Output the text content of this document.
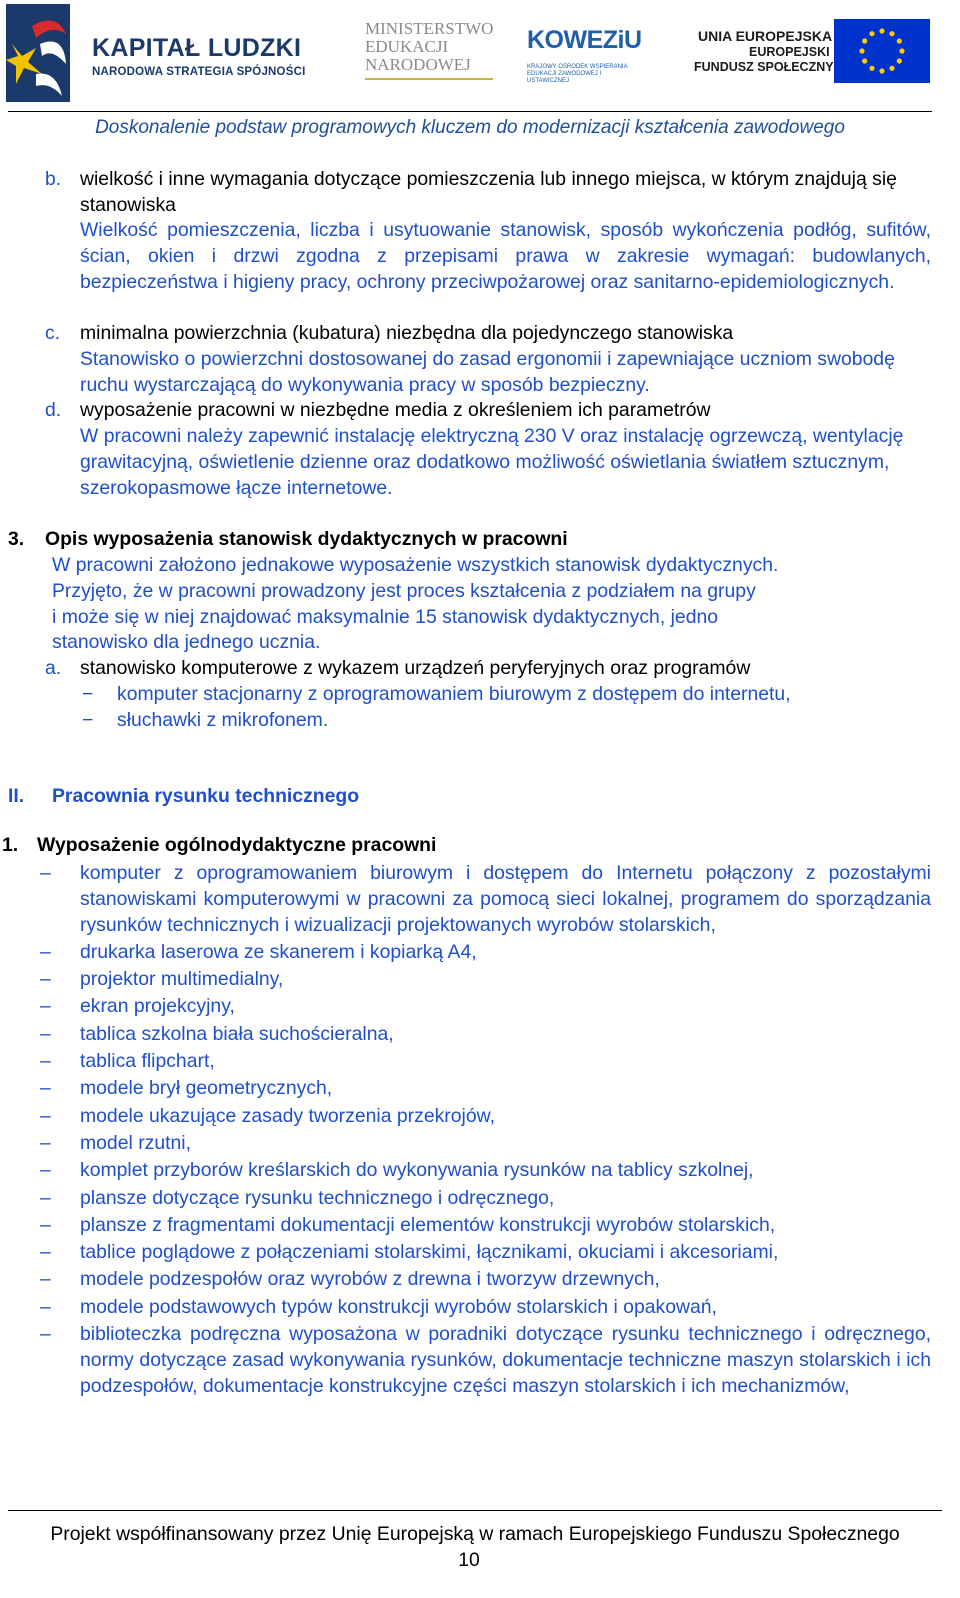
KAPITAŁ LUDZKI
NARODOWA STRATEGIA SPÓJNOŚCI
MINISTERSTWO
EDUKACJI
NARODOWEJ
KOWEZiU
KRAJOWY OŚRODEK WSPIERANIA EDUKACJI ZAWODOWEJ I USTAWICZNEJ
UNIA EUROPEJSKA
EUROPEJSKI
FUNDUSZ SPOŁECZNY
Doskonalenie podstaw programowych kluczem do modernizacji kształcenia zawodowego
b. wielkość i inne wymagania dotyczące pomieszczenia lub innego miejsca, w którym znajdują się stanowiska
Wielkość pomieszczenia, liczba i usytuowanie stanowisk, sposób wykończenia podłóg, sufitów, ścian, okien i drzwi zgodna z przepisami prawa w zakresie wymagań: budowlanych, bezpieczeństwa i higieny pracy, ochrony przeciwpożarowej oraz sanitarno-epidemiologicznych.
c. minimalna powierzchnia (kubatura) niezbędna dla pojedynczego stanowiska
Stanowisko o powierzchni dostosowanej do zasad ergonomii i zapewniające uczniom swobodę ruchu wystarczającą do wykonywania pracy w sposób bezpieczny.
d. wyposażenie pracowni w niezbędne media z określeniem ich parametrów
W pracowni należy zapewnić instalację elektryczną 230 V oraz instalację ogrzewczą, wentylację grawitacyjną, oświetlenie dzienne oraz dodatkowo możliwość oświetlania światłem sztucznym, szerokopasmowe łącze internetowe.
3. Opis wyposażenia stanowisk dydaktycznych w pracowni
W pracowni założono jednakowe wyposażenie wszystkich stanowisk dydaktycznych.
Przyjęto, że w pracowni prowadzony jest proces kształcenia z podziałem na grupy
i może się w niej znajdować maksymalnie 15 stanowisk dydaktycznych, jedno
stanowisko dla jednego ucznia.
a. stanowisko komputerowe z wykazem urządzeń peryferyjnych oraz programów
− komputer stacjonarny z oprogramowaniem biurowym z dostępem do internetu,
− słuchawki z mikrofonem.
II. Pracownia rysunku technicznego
1. Wyposażenie ogólnodydaktyczne pracowni
– komputer z oprogramowaniem biurowym i dostępem do Internetu połączony z pozostałymi stanowiskami komputerowymi w pracowni za pomocą sieci lokalnej, programem do sporządzania rysunków technicznych i wizualizacji projektowanych wyrobów stolarskich,
– drukarka laserowa ze skanerem i kopiarką A4,
– projektor multimedialny,
– ekran projekcyjny,
– tablica szkolna biała suchościeralna,
– tablica flipchart,
– modele brył geometrycznych,
– modele ukazujące zasady tworzenia przekrojów,
– model rzutni,
– komplet przyborów kreślarskich do wykonywania rysunków na tablicy szkolnej,
– plansze dotyczące rysunku technicznego i odręcznego,
– plansze z fragmentami dokumentacji elementów konstrukcji wyrobów stolarskich,
– tablice poglądowe z połączeniami stolarskimi, łącznikami, okuciami i akcesoriami,
– modele podzespołów oraz wyrobów z drewna i tworzyw drzewnych,
– modele podstawowych typów konstrukcji wyrobów stolarskich i opakowań,
– biblioteczka podręczna wyposażona w poradniki dotyczące rysunku technicznego i odręcznego, normy dotyczące zasad wykonywania rysunków, dokumentacje techniczne maszyn stolarskich i ich podzespołów, dokumentacje konstrukcyjne części maszyn stolarskich i ich mechanizmów,
Projekt współfinansowany przez Unię Europejską w ramach Europejskiego Funduszu Społecznego
10
